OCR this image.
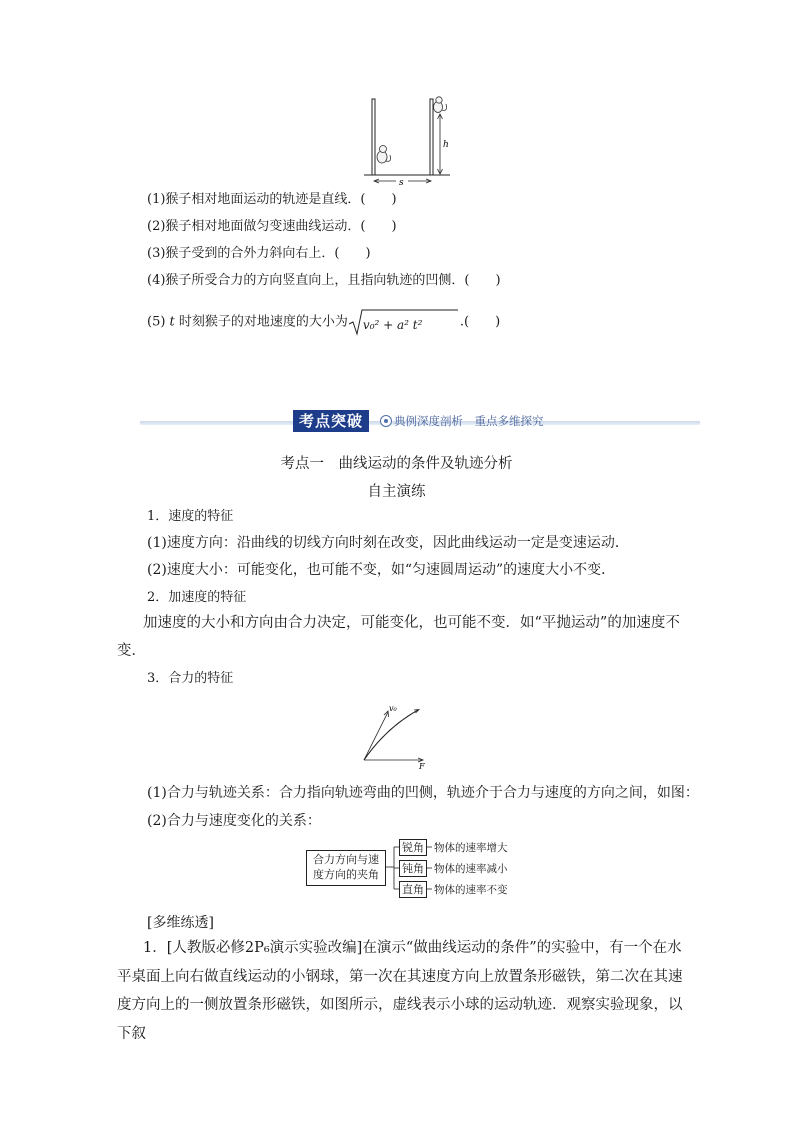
h
s
(1)猴子相对地面运动的轨迹是直线．(　　)
(2)猴子相对地面做匀变速曲线运动．(　　)
(3)猴子受到的合外力斜向右上．(　　)
(4)猴子所受合力的方向竖直向上，且指向轨迹的凹侧．(　　)
(5) t 时刻猴子的对地速度的大小为 v₀² + a² t²	.(　　)
考点突破	典例深度剖析　重点多维探究
考点一　曲线运动的条件及轨迹分析
自主演练
1．速度的特征
(1)速度方向：沿曲线的切线方向时刻在改变，因此曲线运动一定是变速运动．
(2)速度大小：可能变化，也可能不变，如“匀速圆周运动”的速度大小不变．
2．加速度的特征
加速度的大小和方向由合力决定，可能变化，也可能不变．如“平抛运动”的加速度不变．
3．合力的特征
v₀
F
(1)合力与轨迹关系：合力指向轨迹弯曲的凹侧，轨迹介于合力与速度的方向之间，如图：
(2)合力与速度变化的关系：
合力方向与速度方向的夹角
锐角
钝角
直角
物体的速率增大
物体的速率减小
物体的速率不变
[多维练透]
1．[人教版必修2P₆演示实验改编]在演示“做曲线运动的条件”的实验中，有一个在水平桌面上向右做直线运动的小钢球，第一次在其速度方向上放置条形磁铁，第二次在其速度方向上的一侧放置条形磁铁，如图所示，虚线表示小球的运动轨迹．观察实验现象，以下叙
